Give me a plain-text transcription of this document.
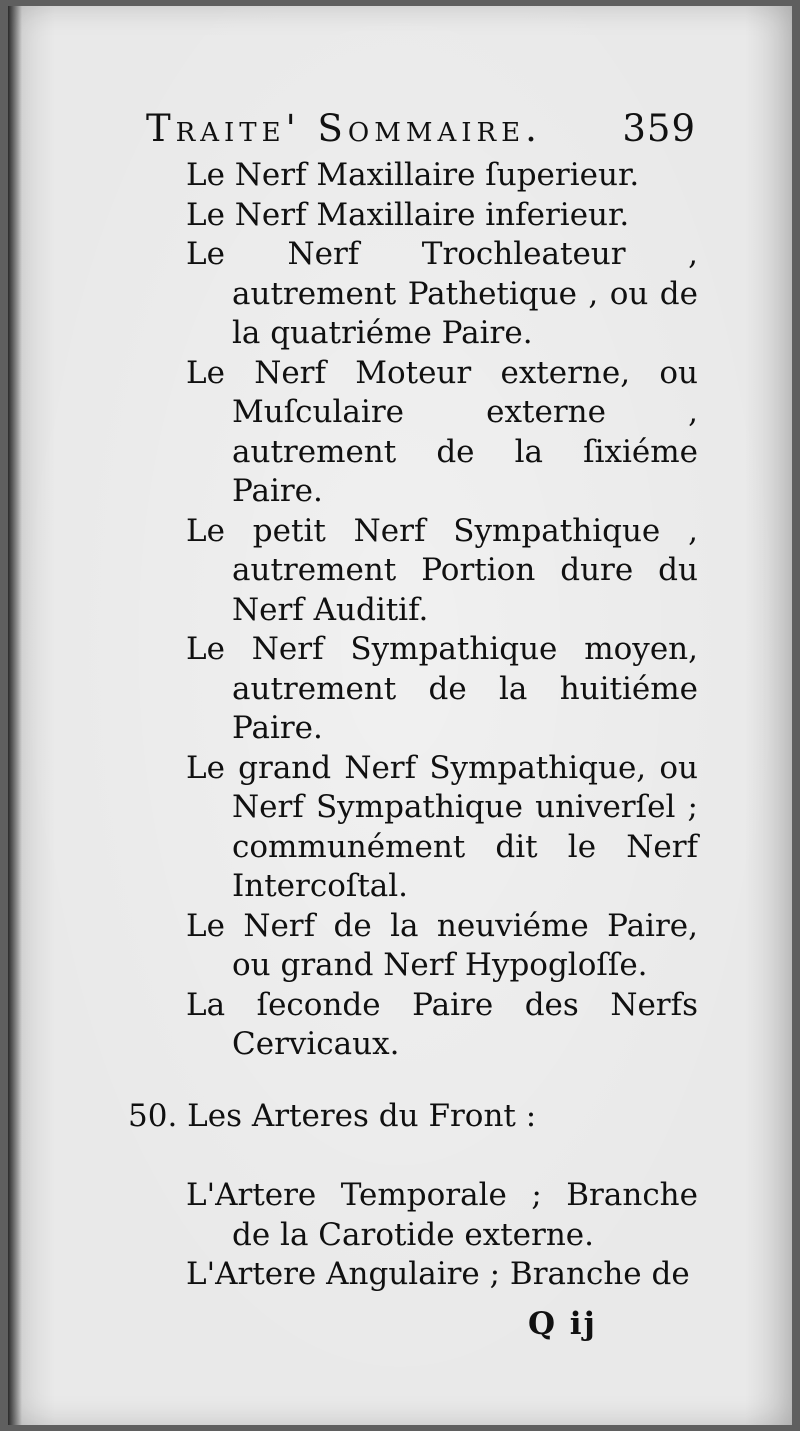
Traite' Sommaire. 359

Le Nerf Maxillaire ſuperieur.

Le Nerf Maxillaire inferieur.

Le Nerf Trochleateur , autrement Pathetique , ou de la quatriéme Paire.

Le Nerf Moteur externe, ou Muſculaire externe , autrement de la ſixiéme Paire.

Le petit Nerf Sympathique , autrement Portion dure du Nerf Auditif.

Le Nerf Sympathique moyen, autrement de la huitiéme Paire.

Le grand Nerf Sympathique, ou Nerf Sympathique univerſel ; communément dit le Nerf Intercoſtal.

Le Nerf de la neuviéme Paire, ou grand Nerf Hypogloſſe.

La ſeconde Paire des Nerfs Cervicaux.

50. Les Arteres du Front :

L'Artere Temporale ; Branche de la Carotide externe.

L'Artere Angulaire ; Branche de

Q ij
